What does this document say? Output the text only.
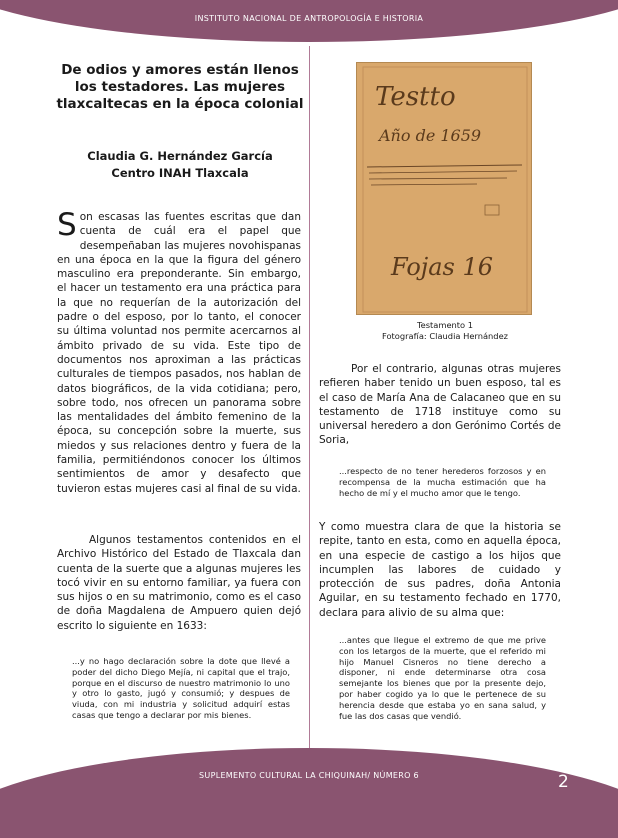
INSTITUTO NACIONAL DE ANTROPOLOGÍA E HISTORIA
De odios y amores están llenos los testadores. Las mujeres tlaxcaltecas en la época colonial
Claudia G. Hernández García
Centro INAH Tlaxcala
Son escasas las fuentes escritas que dan cuenta de cuál era el papel que desempeñaban las mujeres novohispanas en una época en la que la figura del género masculino era preponderante. Sin embargo, el hacer un testamento era una práctica para la que no requerían de la autorización del padre o del esposo, por lo tanto, el conocer su última voluntad nos permite acercarnos al ámbito privado de su vida. Este tipo de documentos nos aproximan a las prácticas culturales de tiempos pasados, nos hablan de datos biográficos, de la vida cotidiana; pero, sobre todo, nos ofrecen un panorama sobre las mentalidades del ámbito femenino de la época, su concepción sobre la muerte, sus miedos y sus relaciones dentro y fuera de la familia, permitiéndonos conocer los últimos sentimientos de amor y desafecto que tuvieron estas mujeres casi al final de su vida.
Algunos testamentos contenidos en el Archivo Histórico del Estado de Tlaxcala dan cuenta de la suerte que a algunas mujeres les tocó vivir en su entorno familiar, ya fuera con sus hijos o en su matrimonio, como es el caso de doña Magdalena de Ampuero quien dejó escrito lo siguiente en 1633:
...y no hago declaración sobre la dote que llevé a poder del dicho Diego Mejía, ni capital que el trajo, porque en el discurso de nuestro matrimonio lo uno y otro lo gasto, jugó y consumió; y despues de viuda, con mi industria y solicitud adquirí estas casas que tengo a declarar por mis bienes.
Testto
Año de 1659
Fojas 16
Testamento 1
Fotografía: Claudia Hernández
Por el contrario, algunas otras mujeres refieren haber tenido un buen esposo, tal es el caso de María Ana de Calacaneo que en su testamento de 1718 instituye como su universal heredero a don Gerónimo Cortés de Soria,
...respecto de no tener herederos forzosos y en recompensa de la mucha estimación que ha hecho de mí y el mucho amor que le tengo.
Y como muestra clara de que la historia se repite, tanto en esta, como en aquella época, en una especie de castigo a los hijos que incumplen las labores de cuidado y protección de sus padres, doña Antonia Aguilar, en su testamento fechado en 1770, declara para alivio de su alma que:
...antes que llegue el extremo de que me prive con los letargos de la muerte, que el referido mi hijo Manuel Cisneros no tiene derecho a disponer, ni ende determinarse otra cosa semejante los bienes que por la presente dejo, por haber cogido ya lo que le pertenece de su herencia desde que estaba yo en sana salud, y fue las dos casas que vendió.
SUPLEMENTO CULTURAL LA CHIQUINAH/ NÚMERO 6	2
